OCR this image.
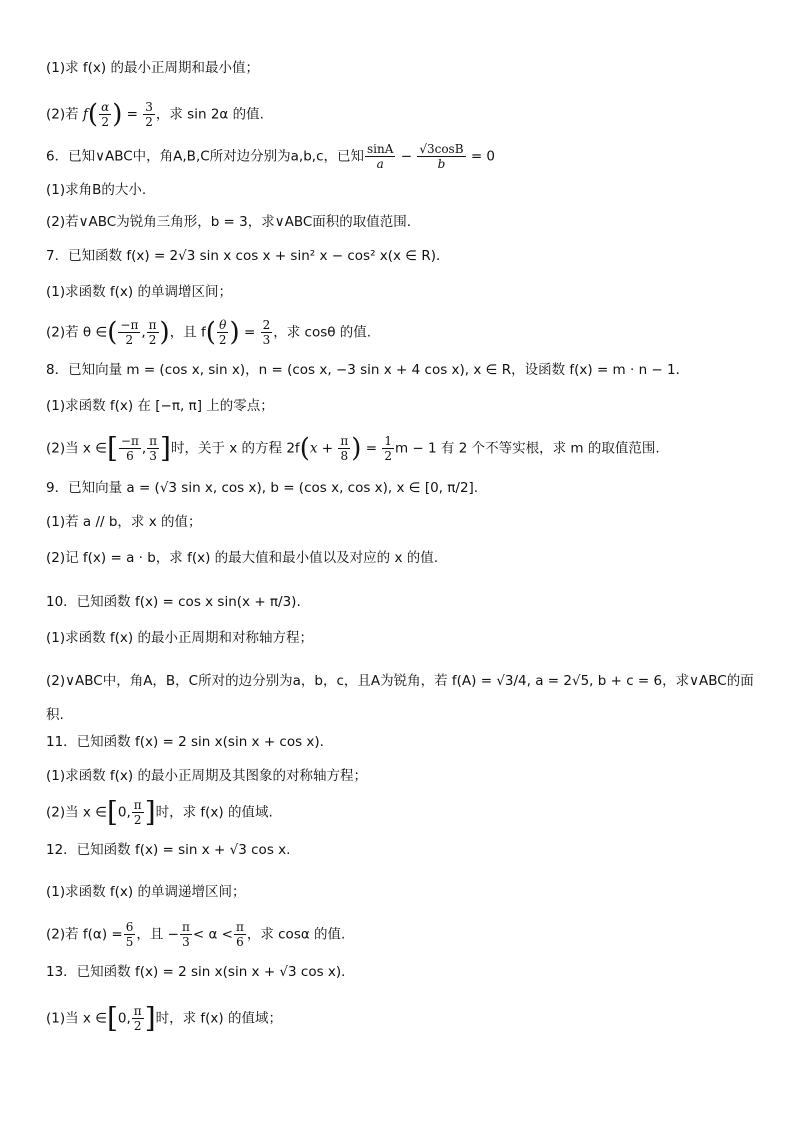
(1)求 f(x) 的最小正周期和最小值；
(2)若 $f( \frac{\alpha}{2}$ ) = $\frac{3}{2}$ ，求 sin 2α 的值.
6．已知∨ABC中，角A,B,C所对边分别为a,b,c，已知 $\frac{\sin A}{a} - \frac{√3\cos B}{b} = 0$
(1)求角B的大小.
(2)若∨ABC为锐角三角形，b = 3，求∨ABC面积的取值范围.
7．已知函数 f(x) = 2√3 sin x cos x + sin² x − cos² x(x ∈ R)．
(1)求函数 f(x) 的单调增区间；
(2)若 θ ∈( $\frac{-\pi}{2}$ , $\frac{\pi}{2}$ )，且 $f( \frac{\theta}{2}$ ) = $\frac{2}{3}$ ，求 cosθ 的值.
8．已知向量 m = (cos x, sin x)，n = (cos x, −3 sin x + 4 cos x), x ∈ R，设函数 f(x) = m · n − 1．
(1)求函数 f(x) 在 [−π, π] 上的零点；
(2)当 x ∈[ $\frac{-\pi}{6}$ , $\frac{\pi}{3}$ ]时，关于 x 的方程 $2f(x + \frac{\pi}{8}$ ) = $\frac{1}{2}$ m − 1 有 2 个不等实根，求 m 的取值范围.
9．已知向量 a = (√3 sin x, cos x), b = (cos x, cos x), x ∈ [0, π/2].
(1)若 a // b，求 x 的值；
(2)记 f(x) = a · b，求 f(x) 的最大值和最小值以及对应的 x 的值.
10．已知函数 f(x) = cos x sin(x + π/3).
(1)求函数 f(x) 的最小正周期和对称轴方程；
(2)∨ABC中，角A，B，C所对的边分别为a，b，c，且A为锐角，若 f(A) = √3/4, a = 2√5, b + c = 6，求∨ABC的面积.
11．已知函数 f(x) = 2 sin x(sin x + cos x)．
(1)求函数 f(x) 的最小正周期及其图象的对称轴方程；
(2)当 x ∈[0, $\frac{\pi}{2}$ ]时，求 f(x) 的值域.
12．已知函数 f(x) = sin x + √3 cos x.
(1)求函数 f(x) 的单调递增区间；
(2)若 $f(\alpha) = \frac{6}{5}$ ，且 − $\frac{\pi}{3} < \alpha < \frac{\pi}{6}$ ，求 cosα 的值.
13．已知函数 f(x) = 2 sin x(sin x + √3 cos x)．
(1)当 x ∈[0, $\frac{\pi}{2}$ ]时，求 f(x) 的值域；
